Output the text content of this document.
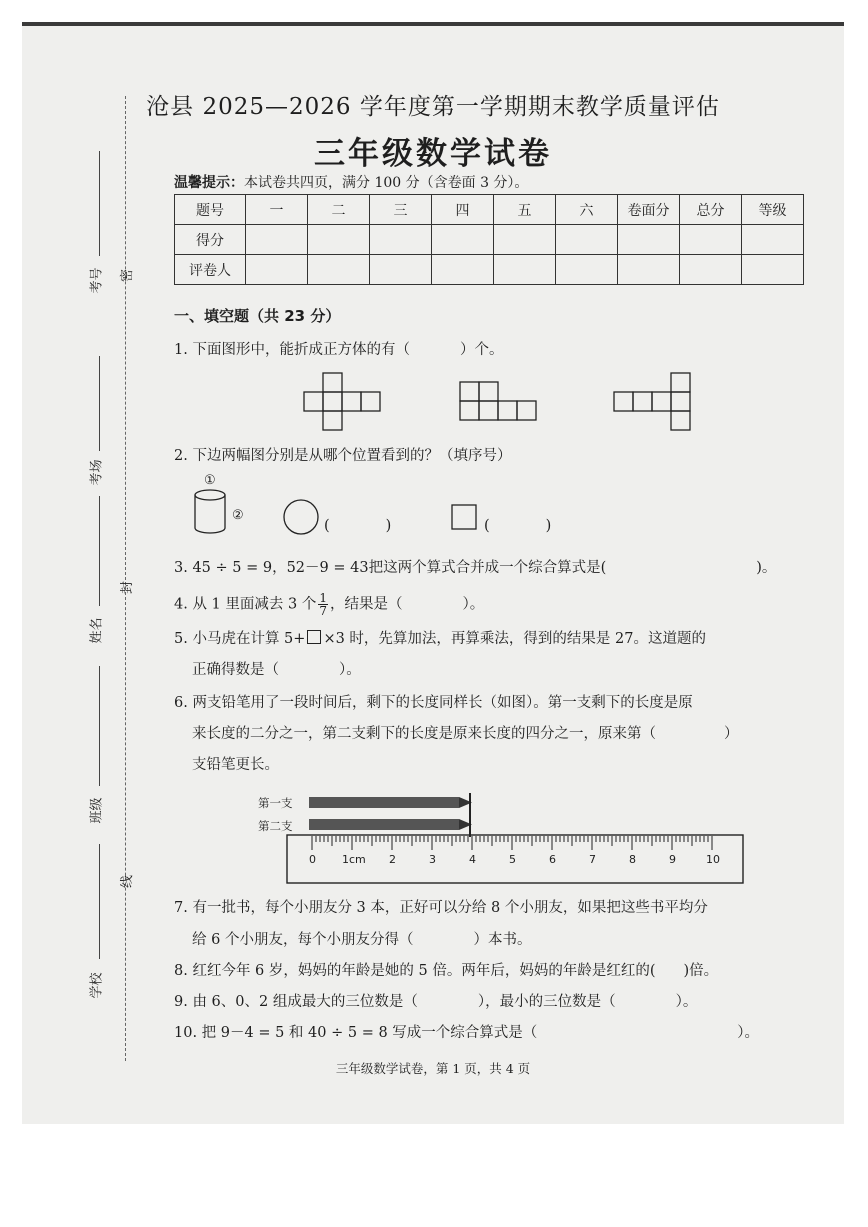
密
封
线
考号
考场
姓名
班级
学校
沧县 2025—2026 学年度第一学期期末教学质量评估
三年级数学试卷
温馨提示：本试卷共四页，满分 100 分（含卷面 3 分）。
题号	一	二	三	四	五	六	卷面分	总分	等级
得分									
评卷人									
一、填空题（共 23 分）
1. 下面图形中，能折成正方体的有（	）个。
2. 下边两幅图分别是从哪个位置看到的？（填序号）
①
②
(	)	(	)
3. 45 ÷ 5 = 9，52－9 = 43把这两个算式合并成一个综合算式是(	)。
4. 从 1 里面减去 3 个 $\frac{1}{7}$ ，结果是（	）。
5. 小马虎在计算 5+ ×3 时，先算加法，再算乘法，得到的结果是 27。这道题的
正确得数是（	）。
6. 两支铅笔用了一段时间后，剩下的长度同样长（如图）。第一支剩下的长度是原
来长度的二分之一，第二支剩下的长度是原来长度的四分之一，原来第（	）
支铅笔更长。
第一支
第二支
0 1cm 2	3	4	5	6	7	8	9	10
7. 有一批书，每个小朋友分 3 本，正好可以分给 8 个小朋友，如果把这些书平均分
给 6 个小朋友，每个小朋友分得（	）本书。
8. 红红今年 6 岁，妈妈的年龄是她的 5 倍。两年后，妈妈的年龄是红红的( )倍。
9. 由 6、0、2 组成最大的三位数是（	），最小的三位数是（	）。
10. 把 9－4 = 5 和 40 ÷ 5 = 8 写成一个综合算式是（	）。
三年级数学试卷，第 1 页，共 4 页
